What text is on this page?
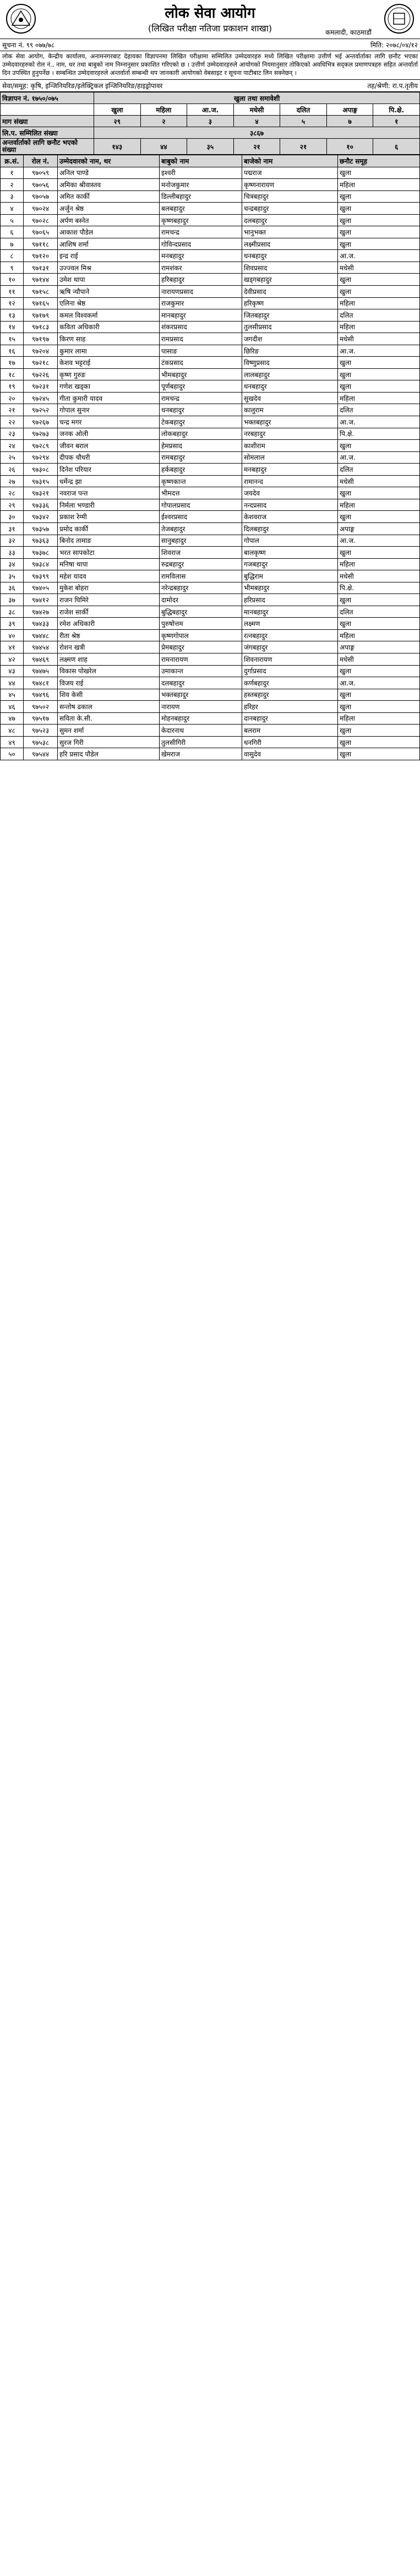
लोक सेवा आयोग
(लिखित परीक्षा नतिजा प्रकाशन शाखा)	कमलादी, काठमाडौं
सूचना नं. ९९ ०७७/७८	मिति: २०७८/०४/१२
लोक सेवा आयोग, केन्द्रीय कार्यालय, अनामनगरबाट देहायका विज्ञापनमा लिखित परीक्षामा सम्मिलित उम्मेदवारहरु मध्ये लिखित परीक्षामा उत्तीर्ण भई अन्तर्वार्ताका लागि छनौट भएका उम्मेदवारहरुको रोल नं., नाम, थर तथा बाबुको नाम निम्नानुसार प्रकाशित गरिएको छ । उत्तीर्ण उम्मेदवारहरुले आयोगको नियमानुसार तोकिएको अवधिभित्र सद्‌कल प्रमाणपत्रहरु सहित अन्तर्वार्ता दिन उपस्थित हुनुपर्नेछ । सम्बन्धित उम्मेदवारहरुले अन्तर्वार्ता सम्बन्धी थप जानकारी आयोगको वेबसाइट र सूचना पाटीबाट लिन सक्नेछन् ।
सेवा/समूह: कृषि, इन्जिनियरिङ/इलेक्ट्रिकल इन्जिनियरिङ/हाइड्रोपावर	तह/श्रेणी: रा.प.तृतीय
विज्ञापन नं. १७५०/०७५	खुला तथा समावेशी						
	खुला	महिला	आ.ज.	मधेसी	दलित	अपाङ्ग	पि.क्षे.
माग संख्या	२९	२	३	४	५	७	१
लि.प. सम्मिलित संख्या	३८६७						
अन्तर्वार्ताको लागि छनौट भएको संख्या	१४३	४४	३५	२१	२१	१०	६
क्र.सं.	रोल नं.	उम्मेदवारको नाम, थर	बाबुको नाम	बाजेको नाम	छनौट समूह
१	९७०५९	अनिल पाण्डे	इश्वरी	पद्मराज	खुला
२	९७०५६	अमिका श्रीवास्तव	मनोजकुमार	कृष्णनारायण	महिला
३	९७०५७	अमित कार्की	डिल्लीबहादुर	चित्रबहादुर	खुला
४	९७०२४	अर्जुन श्रेष्ठ	बलबहादुर	चन्द्रबहादुर	खुला
५	९७०२८	अर्पण बस्नेत	कृष्णबहादुर	दलबहादुर	खुला
६	९७०६५	आकाश पौडेल	रामचन्द्र	भानुभक्त	खुला
७	९७११८	आशिष शर्मा	गोविन्दप्रसाद	लक्ष्मीप्रसाद	खुला
८	९७१२०	इन्द्र राई	मनबहादुर	धनबहादुर	आ.ज.
९	९७१३१	उज्ज्वल मिश्र	रामशंकर	शिवप्रसाद	मधेसी
१०	९७१४४	उमेश थापा	हरिबहादुर	खड्गबहादुर	खुला
११	९७१५८	ऋषि न्यौपाने	नारायणप्रसाद	देवीप्रसाद	खुला
१२	९७१६५	एलिना श्रेष्ठ	राजकुमार	हरिकृष्ण	महिला
१३	९७१७९	कमल विश्वकर्मा	मानबहादुर	जितबहादुर	दलित
१४	९७१८३	कविता अधिकारी	शंकरप्रसाद	तुलसीप्रसाद	महिला
१५	९७१९७	किरण साह	रामप्रसाद	जगदीश	मधेसी
१६	९७२०४	कुमार लामा	पासाङ	छिरिङ	आ.ज.
१७	९७२१८	केशव भट्टराई	टंकप्रसाद	विष्णुप्रसाद	खुला
१८	९७२२६	कृष्ण गुरुङ	भीमबहादुर	लालबहादुर	खुला
१९	९७२३१	गणेश खड्का	पूर्णबहादुर	धनबहादुर	खुला
२०	९७२४५	गीता कुमारी यादव	रामचन्द्र	सुखदेव	महिला
२१	९७२५२	गोपाल सुनार	धनबहादुर	कालुराम	दलित
२२	९७२६७	चन्द्र मगर	टेकबहादुर	भक्तबहादुर	आ.ज.
२३	९७२७३	जनक ओली	लोकबहादुर	नरबहादुर	पि.क्षे.
२४	९७२८९	जीवन बराल	हेमप्रसाद	काशीराम	खुला
२५	९७२९४	दीपक चौधरी	रामबहादुर	सोमलाल	आ.ज.
२६	९७३०८	दिनेश परियार	हर्कबहादुर	मनबहादुर	दलित
२७	९७३१५	धर्मेन्द्र झा	कृष्णकान्त	रामानन्द	मधेसी
२८	९७३२१	नवराज पन्त	भीमदत्त	जयदेव	खुला
२९	९७३३६	निर्मला भण्डारी	गोपालप्रसाद	नन्दप्रसाद	महिला
३०	९७३४२	प्रकाश रेग्मी	ईश्वरप्रसाद	केशवराज	खुला
३१	९७३५७	प्रमोद कार्की	तेजबहादुर	दिलबहादुर	अपाङ्ग
३२	९७३६३	बिनोद तामाङ	सानुबहादुर	गोपाल	आ.ज.
३३	९७३७८	भरत सापकोटा	शिवराज	बालकृष्ण	खुला
३४	९७३८४	मनिषा थापा	रुद्रबहादुर	गजबहादुर	महिला
३५	९७३९९	महेश यादव	रामविलास	बुद्धिराम	मधेसी
३६	९७४०५	मुकेश बोहरा	नरेन्द्रबहादुर	भीमबहादुर	पि.क्षे.
३७	९७४१२	राजन घिमिरे	दामोदर	हरिप्रसाद	खुला
३८	९७४२७	राजेश सार्की	बुद्धिबहादुर	मानबहादुर	दलित
३९	९७४३३	रमेश अधिकारी	पुरुषोत्तम	लक्ष्मण	खुला
४०	९७४४८	रीता श्रेष्ठ	कृष्णगोपाल	रत्नबहादुर	महिला
४१	९७४५४	रोशन खत्री	प्रेमबहादुर	जंगबहादुर	अपाङ्ग
४२	९७४६९	लक्ष्मण शाह	रामनारायण	शिवनारायण	मधेसी
४३	९७४७५	विकास पोखरेल	उमाकान्त	दुर्गाप्रसाद	खुला
४४	९७४८१	विजय राई	दलबहादुर	कर्णबहादुर	आ.ज.
४५	९७४९६	शिव केसी	भक्तबहादुर	हस्तबहादुर	खुला
४६	९७५०२	सन्तोष ढकाल	नारायण	हरिहर	खुला
४७	९७५१७	सविता के.सी.	मोहनबहादुर	दानबहादुर	महिला
४८	९७५२३	सुमन शर्मा	केदारनाथ	बलराम	खुला
४९	९७५३८	सुरज गिरी	तुलसीगिरी	धनगिरी	खुला
५०	९७५४४	हरि प्रसाद पौडेल	खेमराज	वासुदेव	खुला
